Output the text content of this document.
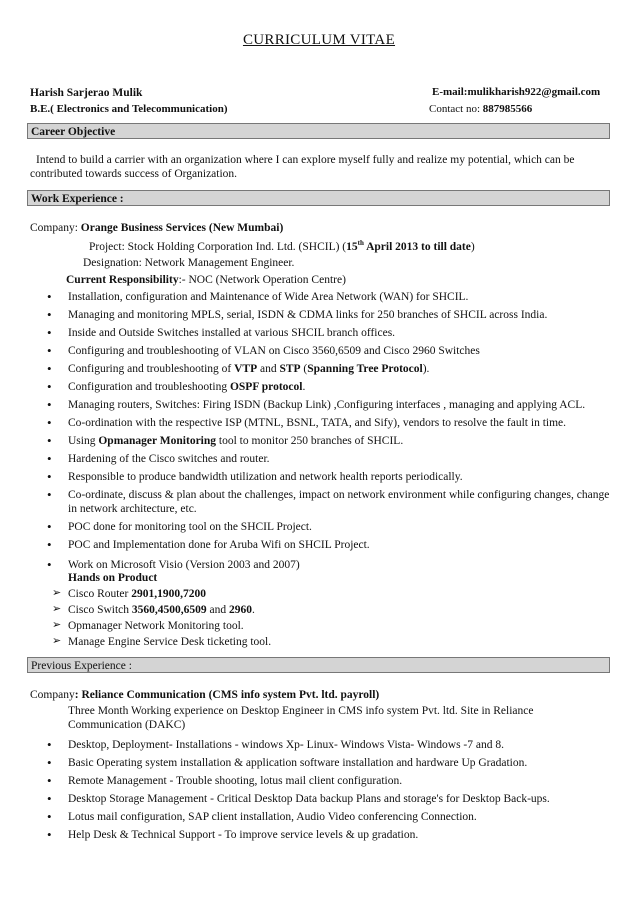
CURRICULUM VITAE
Harish Sarjerao Mulik	E-mail:mulikharish922@gmail.com
B.E.( Electronics and Telecommunication)	Contact no: 887985566
Career Objective
Intend to build a carrier with an organization where I can explore myself fully and realize my potential, which can be contributed towards success of Organization.
Work Experience :
Company: Orange Business Services (New Mumbai)
Project: Stock Holding Corporation Ind. Ltd. (SHCIL) (15th April 2013 to till date)
Designation: Network Management Engineer.
Current Responsibility:- NOC (Network Operation Centre)
• Installation, configuration and Maintenance of Wide Area Network (WAN) for SHCIL.
• Managing and monitoring MPLS, serial, ISDN & CDMA links for 250 branches of SHCIL across India.
• Inside and Outside Switches installed at various SHCIL branch offices.
• Configuring and troubleshooting of VLAN on Cisco 3560,6509 and Cisco 2960 Switches
• Configuring and troubleshooting of VTP and STP (Spanning Tree Protocol).
• Configuration and troubleshooting OSPF protocol.
• Managing routers, Switches: Firing ISDN (Backup Link) ,Configuring interfaces , managing and applying ACL.
• Co-ordination with the respective ISP (MTNL, BSNL, TATA, and Sify), vendors to resolve the fault in time.
• Using Opmanager Monitoring tool to monitor 250 branches of SHCIL.
• Hardening of the Cisco switches and router.
• Responsible to produce bandwidth utilization and network health reports periodically.
• Co-ordinate, discuss & plan about the challenges, impact on network environment while configuring changes, change in network architecture, etc.
• POC done for monitoring tool on the SHCIL Project.
• POC and Implementation done for Aruba Wifi on SHCIL Project.
• Work on Microsoft Visio (Version 2003 and 2007)
Hands on Product
➢ Cisco Router 2901,1900,7200
➢ Cisco Switch 3560,4500,6509 and 2960.
➢ Opmanager Network Monitoring tool.
➢ Manage Engine Service Desk ticketing tool.
Previous Experience :
Company: Reliance Communication (CMS info system Pvt. ltd. payroll)
Three Month Working experience on Desktop Engineer in CMS info system Pvt. ltd. Site in Reliance Communication (DAKC)
• Desktop, Deployment- Installations - windows Xp- Linux- Windows Vista- Windows -7 and 8.
• Basic Operating system installation & application software installation and hardware Up Gradation.
• Remote Management - Trouble shooting, lotus mail client configuration.
• Desktop Storage Management - Critical Desktop Data backup Plans and storage's for Desktop Back-ups.
• Lotus mail configuration, SAP client installation, Audio Video conferencing Connection.
• Help Desk & Technical Support - To improve service levels & up gradation.
